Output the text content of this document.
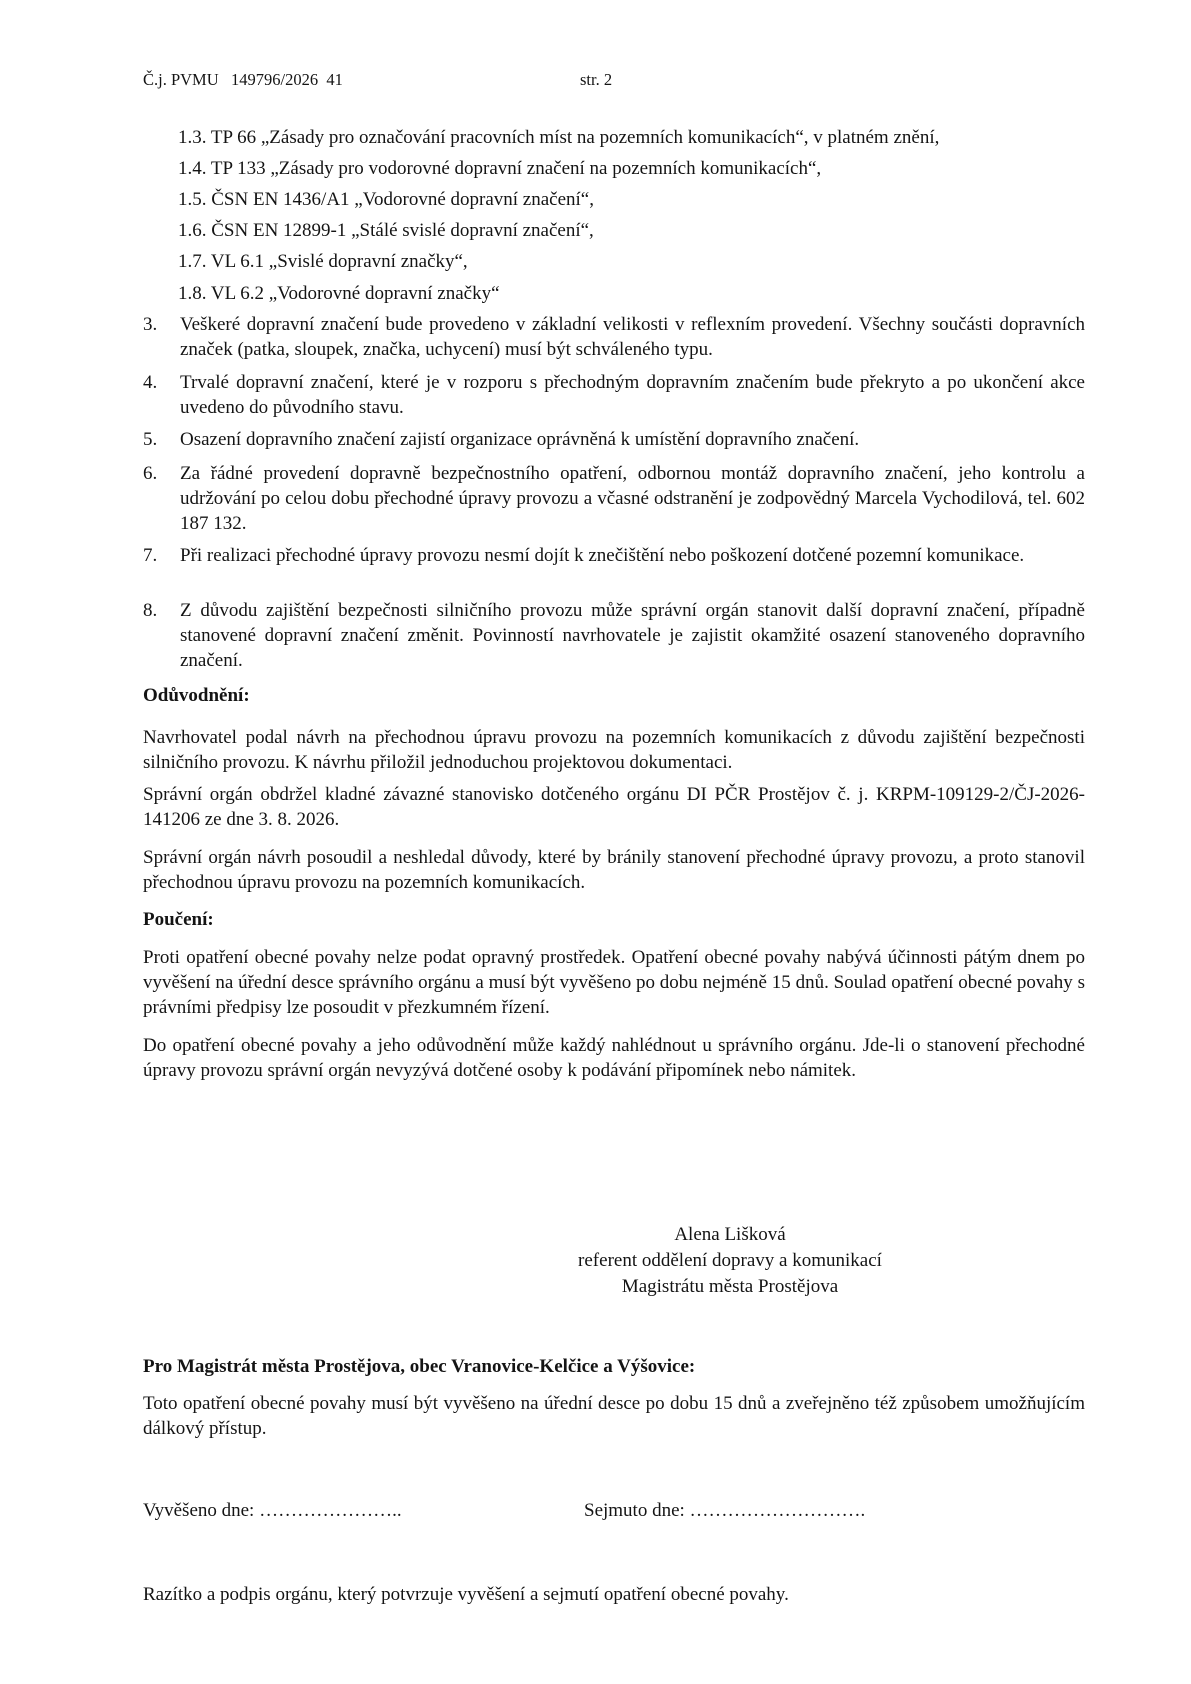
Č.j. PVMU   149796/2026  41	str. 2
1.3. TP 66 „Zásady pro označování pracovních míst na pozemních komunikacích“, v platném znění,
1.4. TP 133 „Zásady pro vodorovné dopravní značení na pozemních komunikacích“,
1.5. ČSN EN 1436/A1 „Vodorovné dopravní značení“,
1.6. ČSN EN 12899-1 „Stálé svislé dopravní značení“,
1.7. VL 6.1 „Svislé dopravní značky“,
1.8. VL 6.2 „Vodorovné dopravní značky“
3. Veškeré dopravní značení bude provedeno v základní velikosti v reflexním provedení. Všechny součásti dopravních značek (patka, sloupek, značka, uchycení) musí být schváleného typu.
4. Trvalé dopravní značení, které je v rozporu s přechodným dopravním značením bude překryto a po ukončení akce uvedeno do původního stavu.
5. Osazení dopravního značení zajistí organizace oprávněná k umístění dopravního značení.
6. Za řádné provedení dopravně bezpečnostního opatření, odbornou montáž dopravního značení, jeho kontrolu a udržování po celou dobu přechodné úpravy provozu a včasné odstranění je zodpovědný Marcela Vychodilová, tel. 602 187 132.
7. Při realizaci přechodné úpravy provozu nesmí dojít k znečištění nebo poškození dotčené pozemní komunikace.
8. Z důvodu zajištění bezpečnosti silničního provozu může správní orgán stanovit další dopravní značení, případně stanovené dopravní značení změnit. Povinností navrhovatele je zajistit okamžité osazení stanoveného dopravního značení.
Odůvodnění:
Navrhovatel podal návrh na přechodnou úpravu provozu na pozemních komunikacích z důvodu zajištění bezpečnosti silničního provozu. K návrhu přiložil jednoduchou projektovou dokumentaci.
Správní orgán obdržel kladné závazné stanovisko dotčeného orgánu DI PČR Prostějov č. j. KRPM-109129-2/ČJ-2026-141206 ze dne 3. 8. 2026.
Správní orgán návrh posoudil a neshledal důvody, které by bránily stanovení přechodné úpravy provozu, a proto stanovil přechodnou úpravu provozu na pozemních komunikacích.
Poučení:
Proti opatření obecné povahy nelze podat opravný prostředek. Opatření obecné povahy nabývá účinnosti pátým dnem po vyvěšení na úřední desce správního orgánu a musí být vyvěšeno po dobu nejméně 15 dnů. Soulad opatření obecné povahy s právními předpisy lze posoudit v přezkumném řízení.
Do opatření obecné povahy a jeho odůvodnění může každý nahlédnout u správního orgánu. Jde-li o stanovení přechodné úpravy provozu správní orgán nevyzývá dotčené osoby k podávání připomínek nebo námitek.
Alena Lišková
referent oddělení dopravy a komunikací
Magistrátu města Prostějova
Pro Magistrát města Prostějova, obec Vranovice-Kelčice a Výšovice:
Toto opatření obecné povahy musí být vyvěšeno na úřední desce po dobu 15 dnů a zveřejněno též způsobem umožňujícím dálkový přístup.
Vyvěšeno dne: …………………..	Sejmuto dne: ……………………….
Razítko a podpis orgánu, který potvrzuje vyvěšení a sejmutí opatření obecné povahy.
